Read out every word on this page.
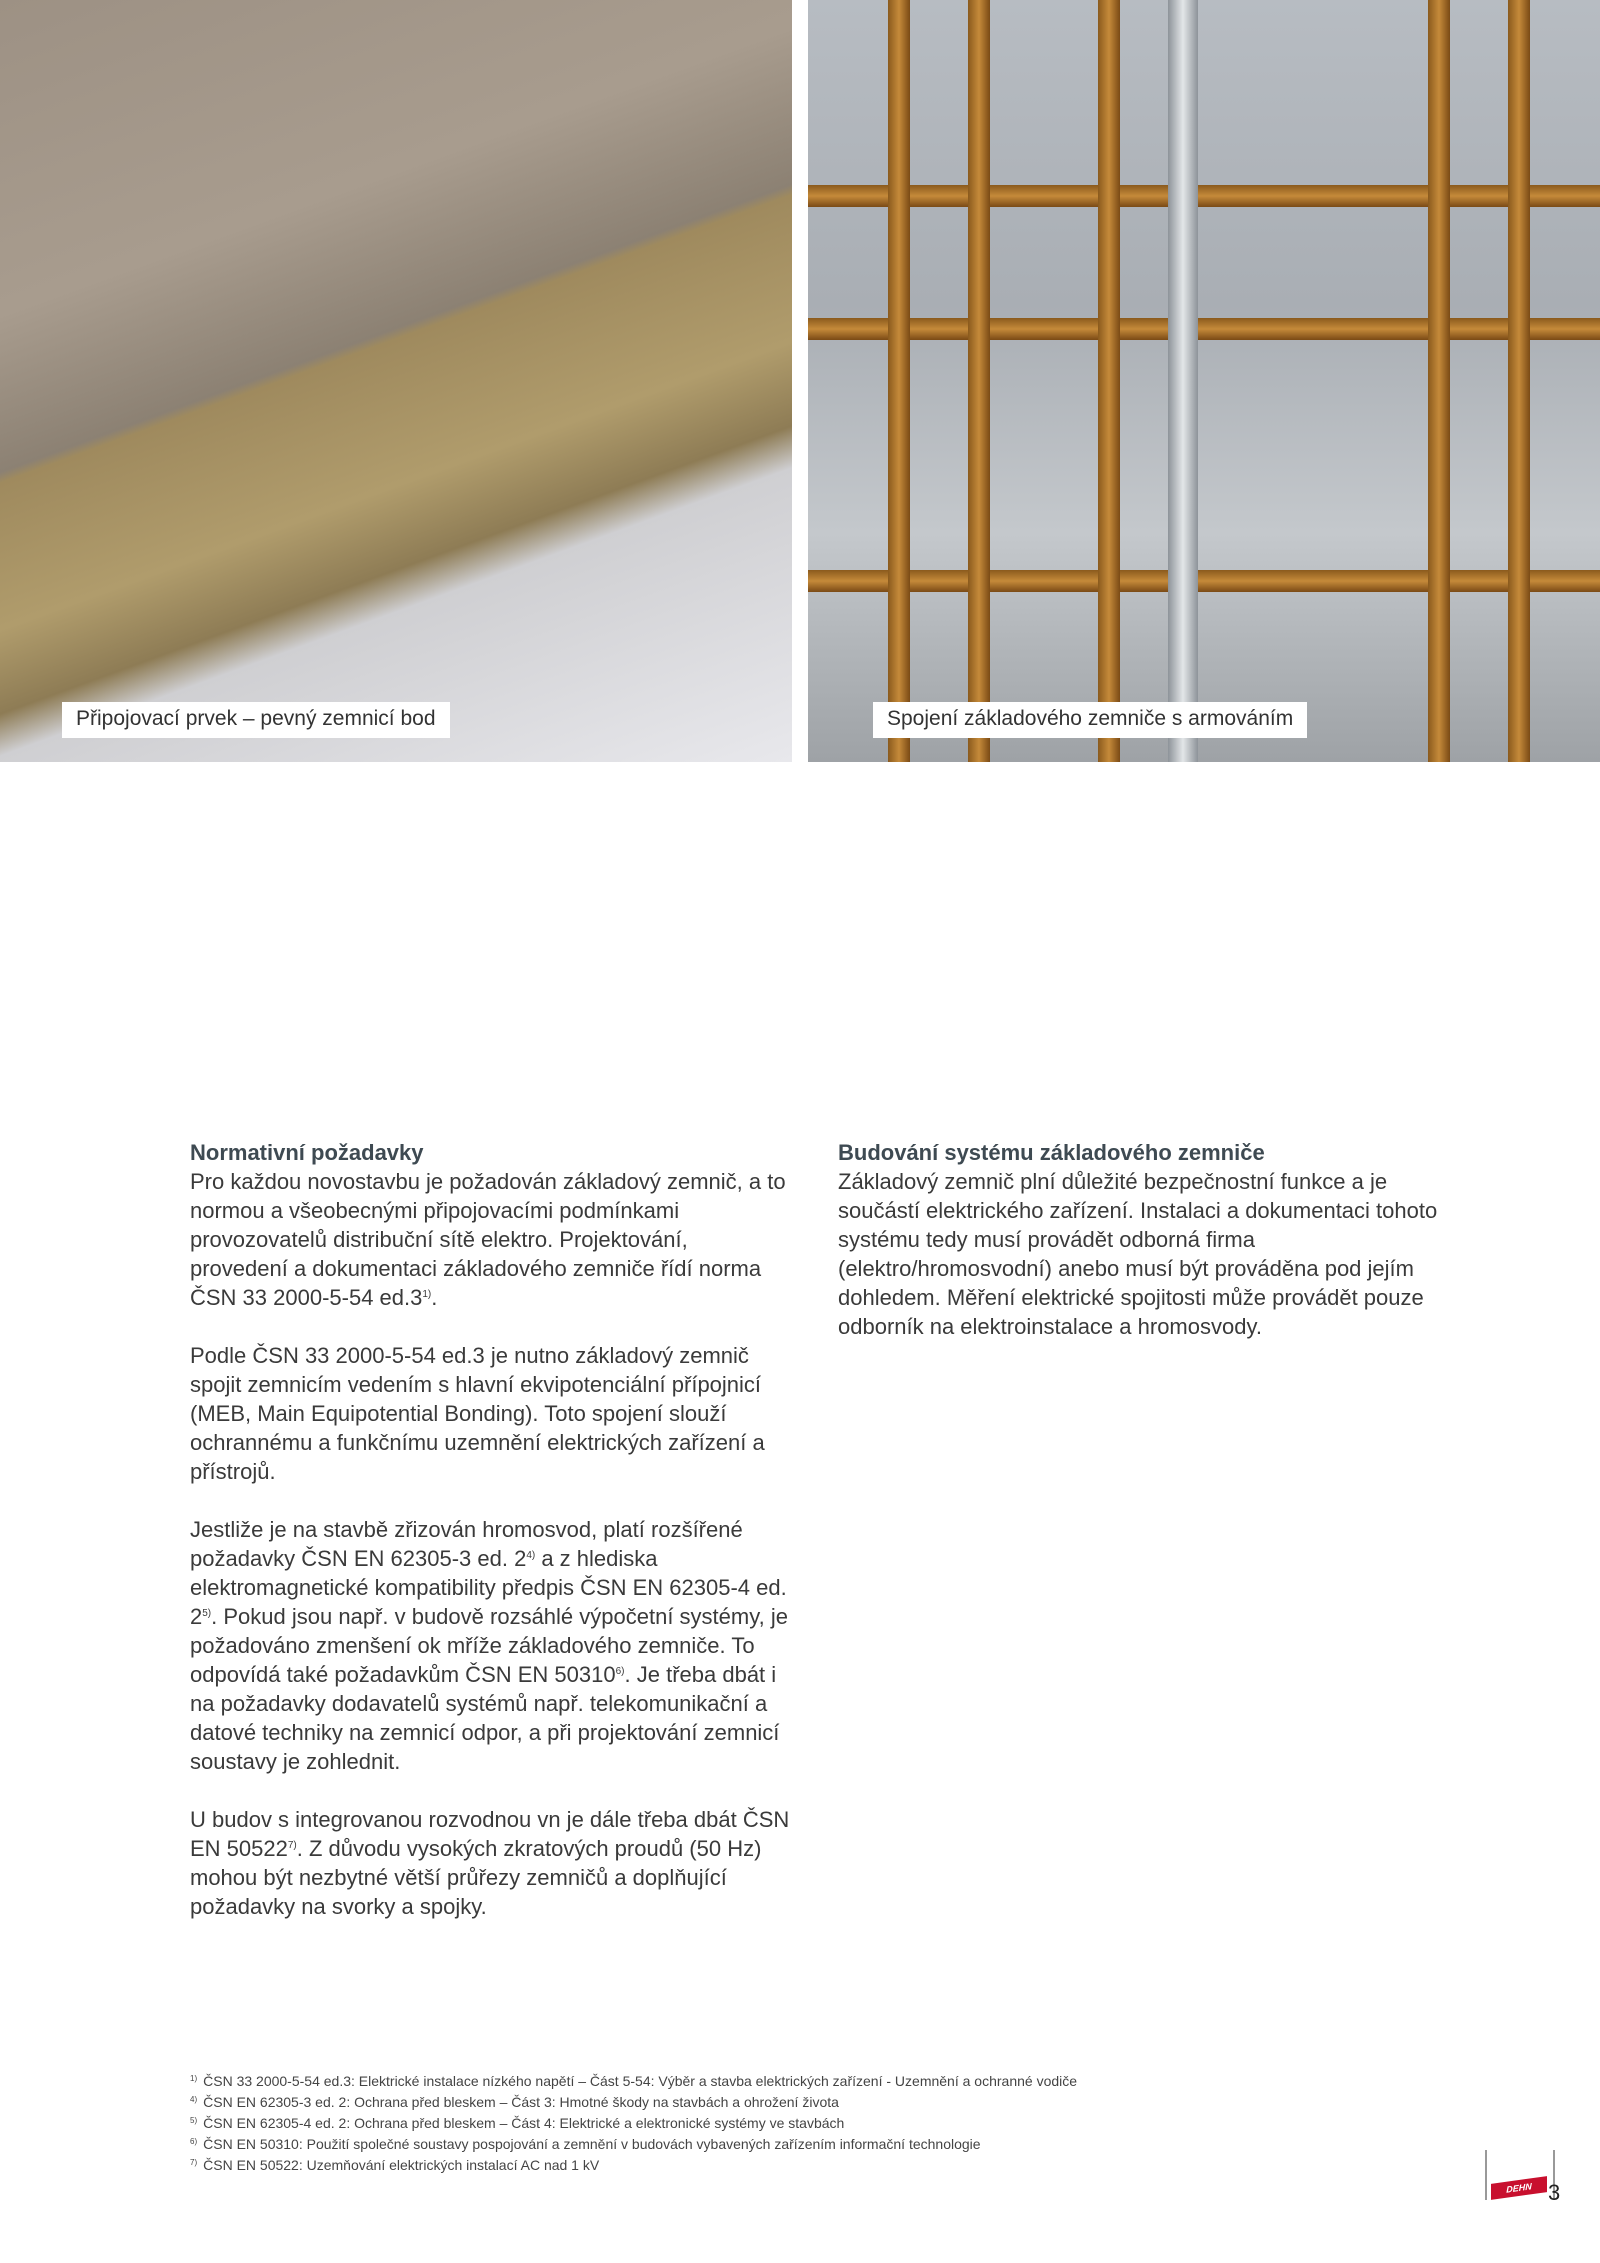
Připojovací prvek – pevný zemnicí bod	Spojení základového zemniče s armováním
Normativní požadavky

Pro každou novostavbu je požadován základový zemnič, a to normou a všeobecnými připojovacími podmínkami provozovatelů distribuční sítě elektro. Projektování, provedení a dokumentaci základového zemniče řídí norma ČSN 33 2000-5-54 ed.3$^{1)}$.

Podle ČSN 33 2000-5-54 ed.3 je nutno základový zemnič spojit zemnicím vedením s hlavní ekvipotenciální přípojnicí (MEB, Main Equipotential Bonding). Toto spojení slouží ochrannému a funkčnímu uzemnění elektrických zařízení a přístrojů.

Jestliže je na stavbě zřizován hromosvod, platí rozšířené požadavky ČSN EN 62305-3 ed. 2$^{4)}$ a z hlediska elektromagnetické kompatibility předpis ČSN EN 62305-4 ed. 2$^{5)}$. Pokud jsou např. v budově rozsáhlé výpočetní systémy, je požadováno zmenšení ok mříže základového zemniče. To odpovídá také požadavkům ČSN EN 50310$^{6)}$. Je třeba dbát i na požadavky dodavatelů systémů např. telekomunikační a datové techniky na zemnicí odpor, a při projektování zemnicí soustavy je zohlednit.

U budov s integrovanou rozvodnou vn je dále třeba dbát ČSN EN 50522$^{7)}$. Z důvodu vysokých zkratových proudů (50 Hz) mohou být nezbytné větší průřezy zemničů a doplňující požadavky na svorky a spojky.

Budování systému základového zemniče

Základový zemnič plní důležité bezpečnostní funkce a je součástí elektrického zařízení. Instalaci a dokumentaci tohoto systému tedy musí provádět odborná firma (elektro/hromosvodní) anebo musí být prováděna pod jejím dohledem. Měření elektrické spojitosti může provádět pouze odborník na elektroinstalace a hromosvody.

$^{1)}$ ČSN 33 2000-5-54 ed.3: Elektrické instalace nízkého napětí – Část 5-54: Výběr a stavba elektrických zařízení - Uzemnění a ochranné vodiče
$^{4)}$ ČSN EN 62305-3 ed. 2: Ochrana před bleskem – Část 3: Hmotné škody na stavbách a ohrožení života
$^{5)}$ ČSN EN 62305-4 ed. 2: Ochrana před bleskem – Část 4: Elektrické a elektronické systémy ve stavbách
$^{6)}$ ČSN EN 50310: Použití společné soustavy pospojování a zemnění v budovách vybavených zařízením informační technologie
$^{7)}$ ČSN EN 50522: Uzemňování elektrických instalací AC nad 1 kV
DEHN 3
